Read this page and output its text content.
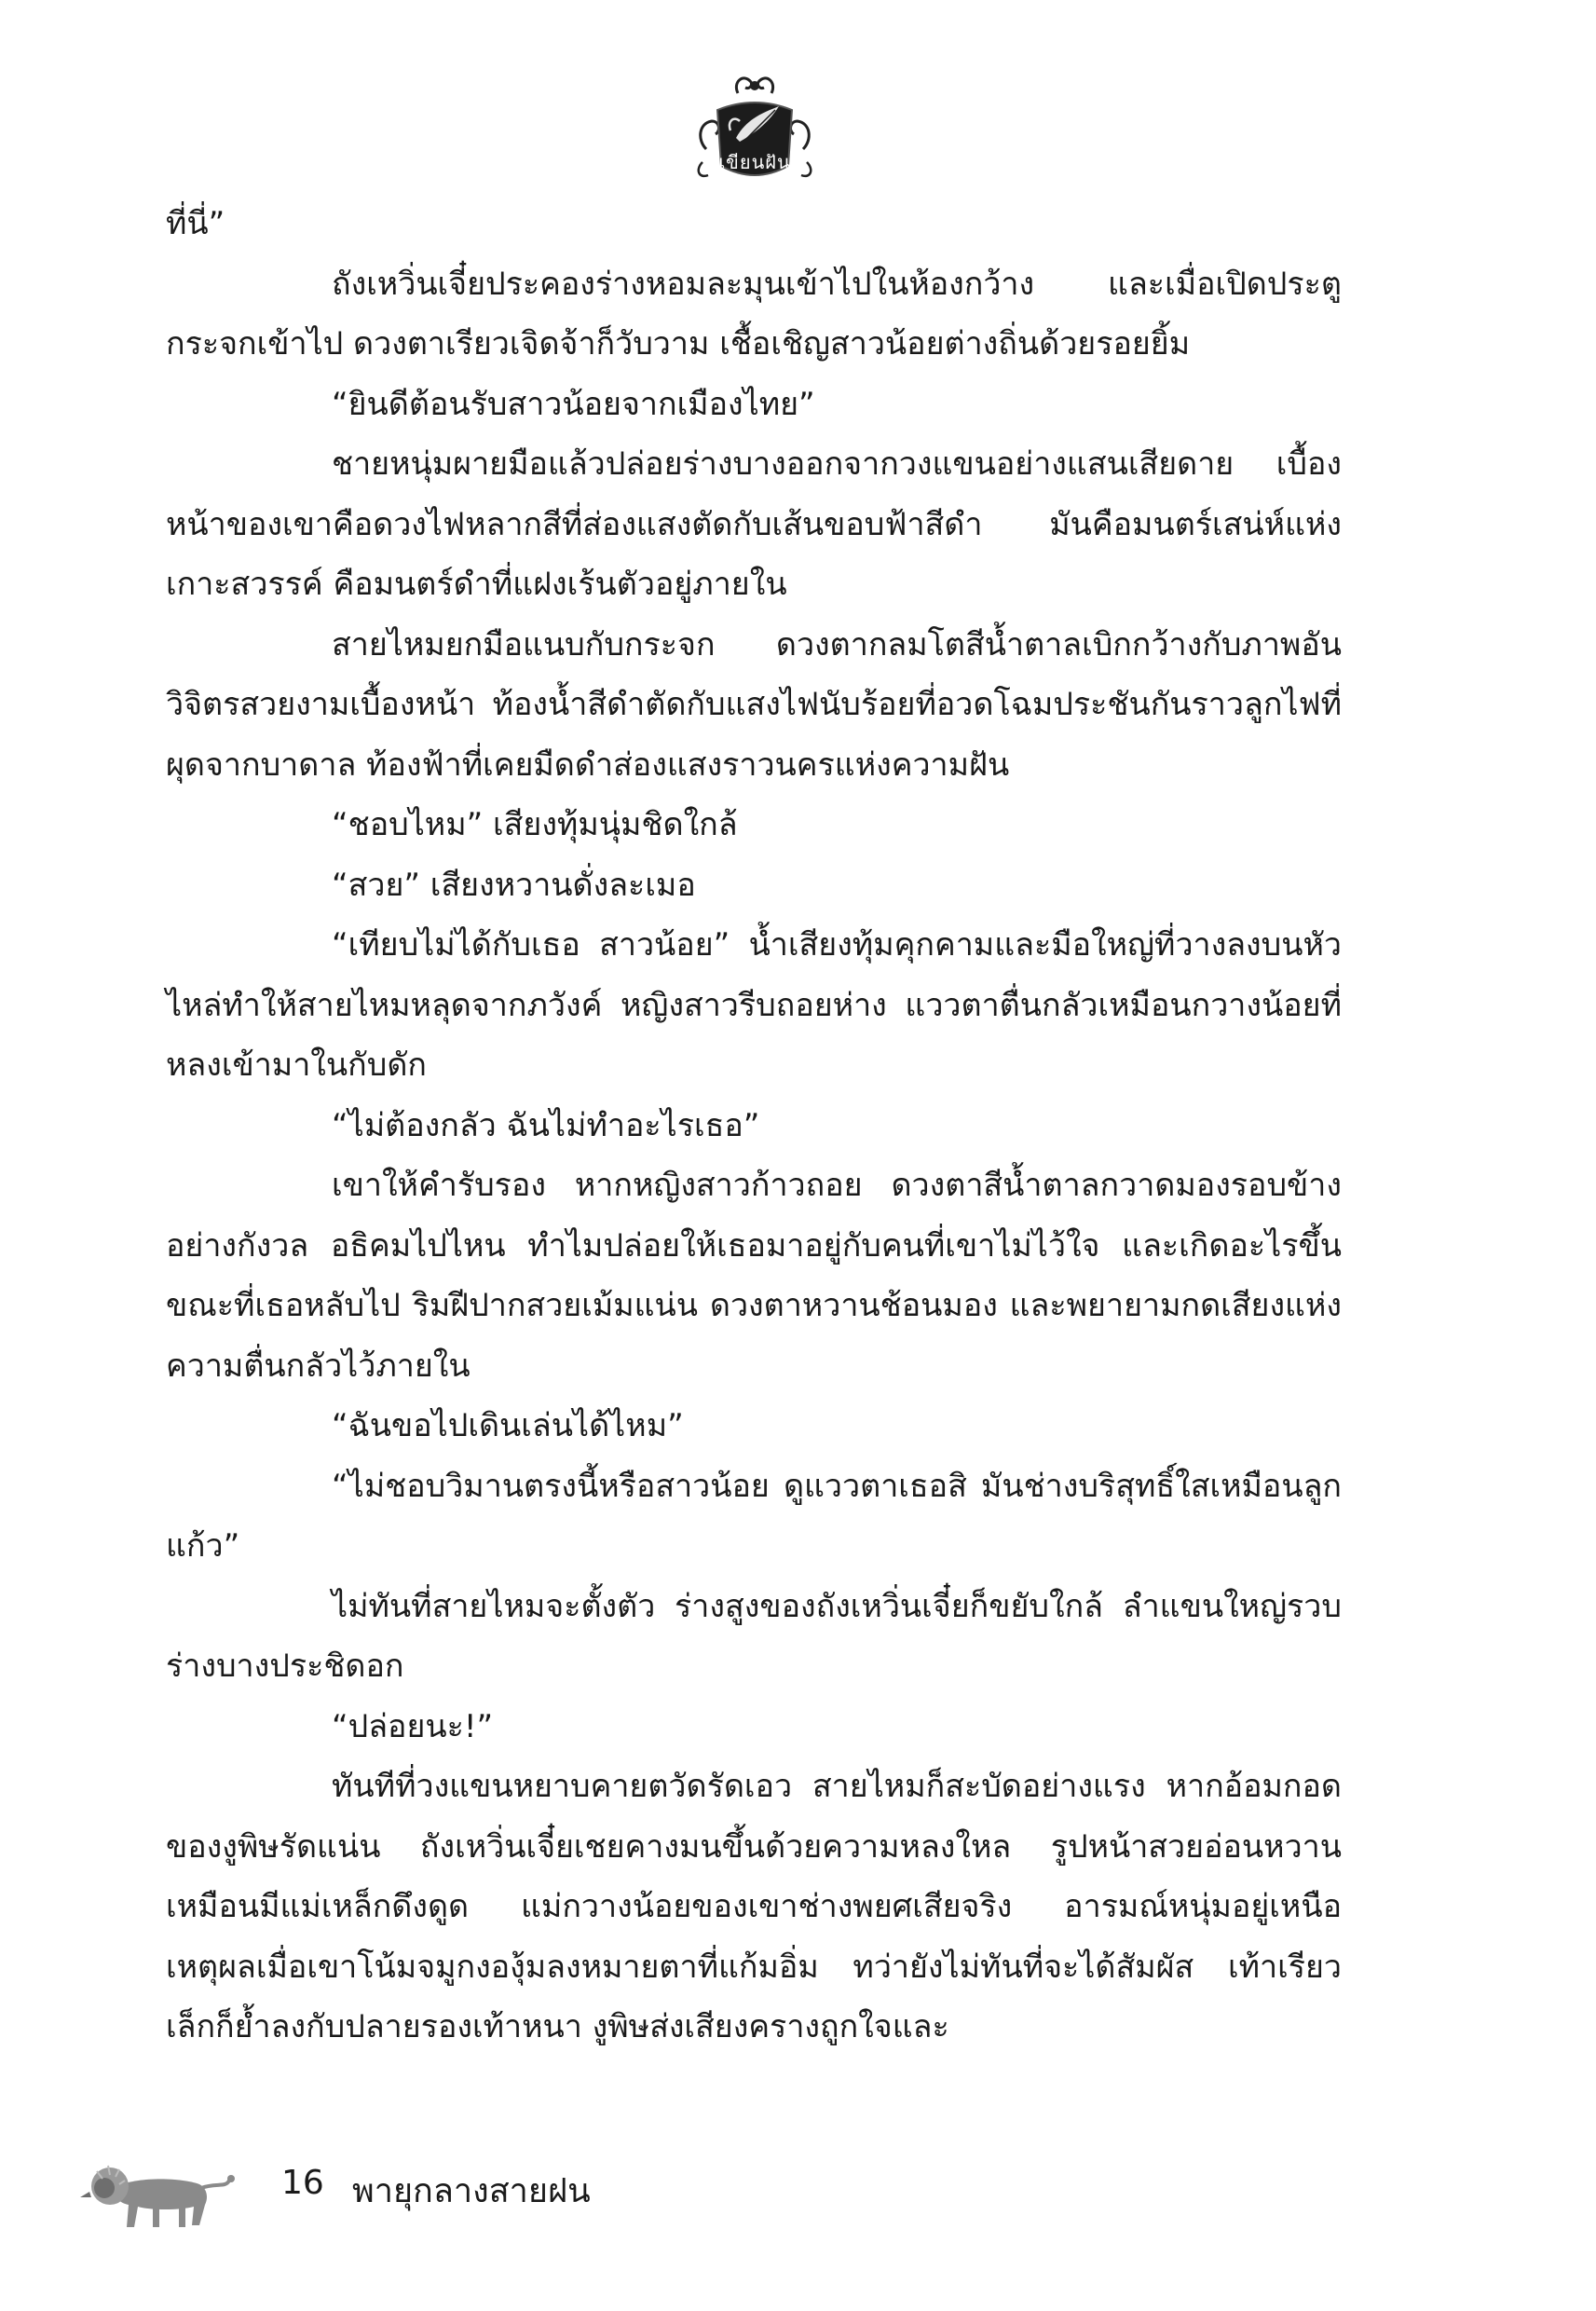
เขียนฝัน

ที่นี่”

ถังเหวิ่นเจี๋ยประคองร่างหอมละมุนเข้าไปในห้องกว้าง และเมื่อเปิดประตูกระจกเข้าไป ดวงตาเรียวเจิดจ้าก็วับวาม เชื้อเชิญสาวน้อยต่างถิ่นด้วยรอยยิ้ม

“ยินดีต้อนรับสาวน้อยจากเมืองไทย”

ชายหนุ่มผายมือแล้วปล่อยร่างบางออกจากวงแขนอย่างแสนเสียดาย เบื้องหน้าของเขาคือดวงไฟหลากสีที่ส่องแสงตัดกับเส้นขอบฟ้าสีดำ มันคือมนตร์เสน่ห์แห่งเกาะสวรรค์ คือมนตร์ดำที่แฝงเร้นตัวอยู่ภายใน

สายไหมยกมือแนบกับกระจก ดวงตากลมโตสีน้ำตาลเบิกกว้างกับภาพอันวิจิตรสวยงามเบื้องหน้า ท้องน้ำสีดำตัดกับแสงไฟนับร้อยที่อวดโฉมประชันกันราวลูกไฟที่ผุดจากบาดาล ท้องฟ้าที่เคยมืดดำส่องแสงราวนครแห่งความฝัน

“ชอบไหม” เสียงทุ้มนุ่มชิดใกล้

“สวย” เสียงหวานดั่งละเมอ

“เทียบไม่ได้กับเธอ สาวน้อย” น้ำเสียงทุ้มคุกคามและมือใหญ่ที่วางลงบนหัวไหล่ทำให้สายไหมหลุดจากภวังค์ หญิงสาวรีบถอยห่าง แววตาตื่นกลัวเหมือนกวางน้อยที่หลงเข้ามาในกับดัก

“ไม่ต้องกลัว ฉันไม่ทำอะไรเธอ”

เขาให้คำรับรอง หากหญิงสาวก้าวถอย ดวงตาสีน้ำตาลกวาดมองรอบข้างอย่างกังวล อธิคมไปไหน ทำไมปล่อยให้เธอมาอยู่กับคนที่เขาไม่ไว้ใจ และเกิดอะไรขึ้นขณะที่เธอหลับไป ริมฝีปากสวยเม้มแน่น ดวงตาหวานช้อนมอง และพยายามกดเสียงแห่งความตื่นกลัวไว้ภายใน

“ฉันขอไปเดินเล่นได้ไหม”

“ไม่ชอบวิมานตรงนี้หรือสาวน้อย ดูแววตาเธอสิ มันช่างบริสุทธิ์ใสเหมือนลูกแก้ว”

ไม่ทันที่สายไหมจะตั้งตัว ร่างสูงของถังเหวิ่นเจี๋ยก็ขยับใกล้ ลำแขนใหญ่รวบร่างบางประชิดอก

“ปล่อยนะ!”

ทันทีที่วงแขนหยาบคายตวัดรัดเอว สายไหมก็สะบัดอย่างแรง หากอ้อมกอดของงูพิษรัดแน่น ถังเหวิ่นเจี๋ยเชยคางมนขึ้นด้วยความหลงใหล รูปหน้าสวยอ่อนหวานเหมือนมีแม่เหล็กดึงดูด แม่กวางน้อยของเขาช่างพยศเสียจริง อารมณ์หนุ่มอยู่เหนือเหตุผลเมื่อเขาโน้มจมูกงองุ้มลงหมายตาที่แก้มอิ่ม ทว่ายังไม่ทันที่จะได้สัมผัส เท้าเรียวเล็กก็ย้ำลงกับปลายรองเท้าหนา งูพิษส่งเสียงครางถูกใจและ

16 พายุกลางสายฝน
